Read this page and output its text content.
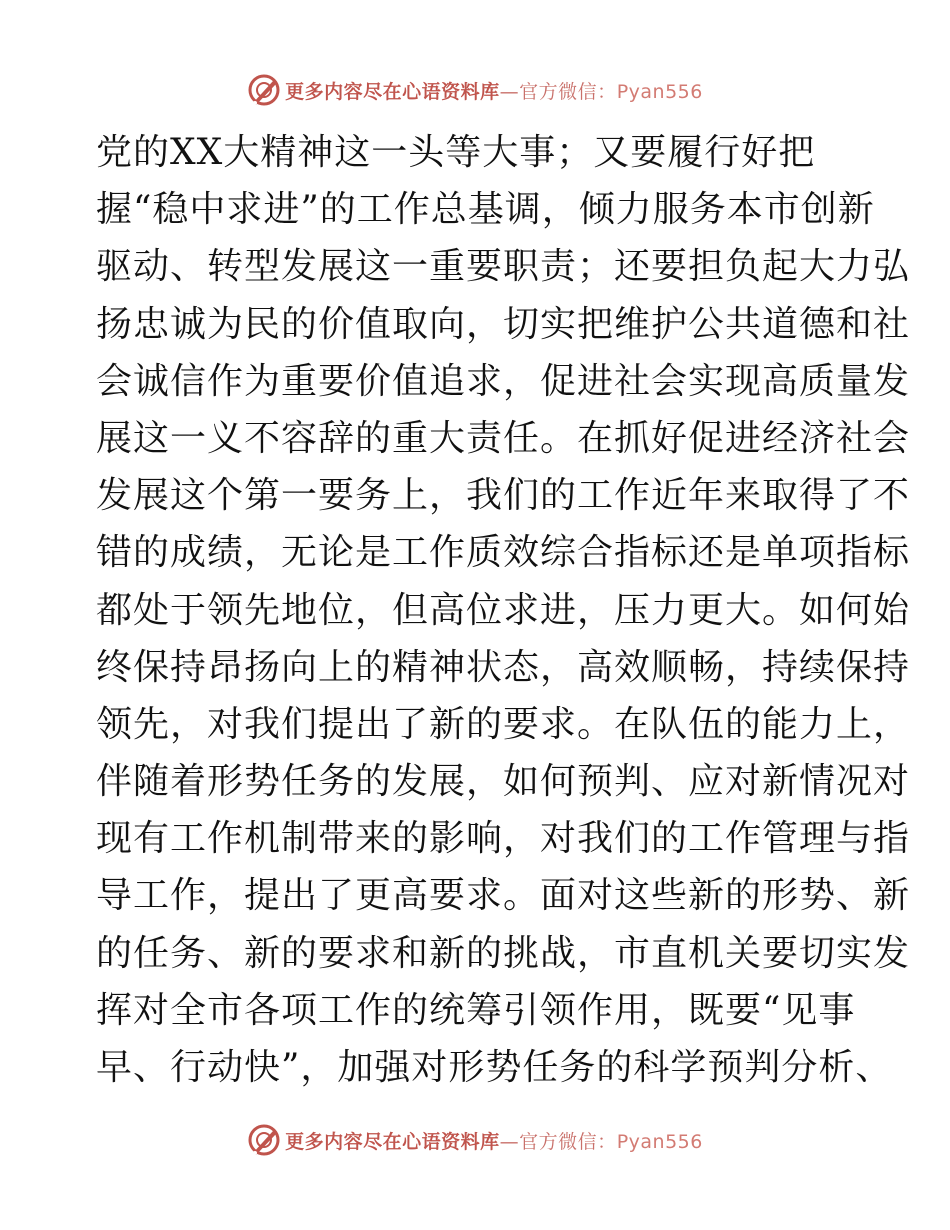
更多内容尽在心语资料库—官方微信：Pyan556
党的XX大精神这一头等大事；又要履行好把
握“稳中求进”的工作总基调，倾力服务本市创新
驱动、转型发展这一重要职责；还要担负起大力弘
扬忠诚为民的价值取向，切实把维护公共道德和社
会诚信作为重要价值追求，促进社会实现高质量发
展这一义不容辞的重大责任。在抓好促进经济社会
发展这个第一要务上，我们的工作近年来取得了不
错的成绩，无论是工作质效综合指标还是单项指标
都处于领先地位，但高位求进，压力更大。如何始
终保持昂扬向上的精神状态，高效顺畅，持续保持
领先，对我们提出了新的要求。在队伍的能力上，
伴随着形势任务的发展，如何预判、应对新情况对
现有工作机制带来的影响，对我们的工作管理与指
导工作，提出了更高要求。面对这些新的形势、新
的任务、新的要求和新的挑战，市直机关要切实发
挥对全市各项工作的统筹引领作用，既要“见事
早、行动快”，加强对形势任务的科学预判分析、
更多内容尽在心语资料库—官方微信：Pyan556
